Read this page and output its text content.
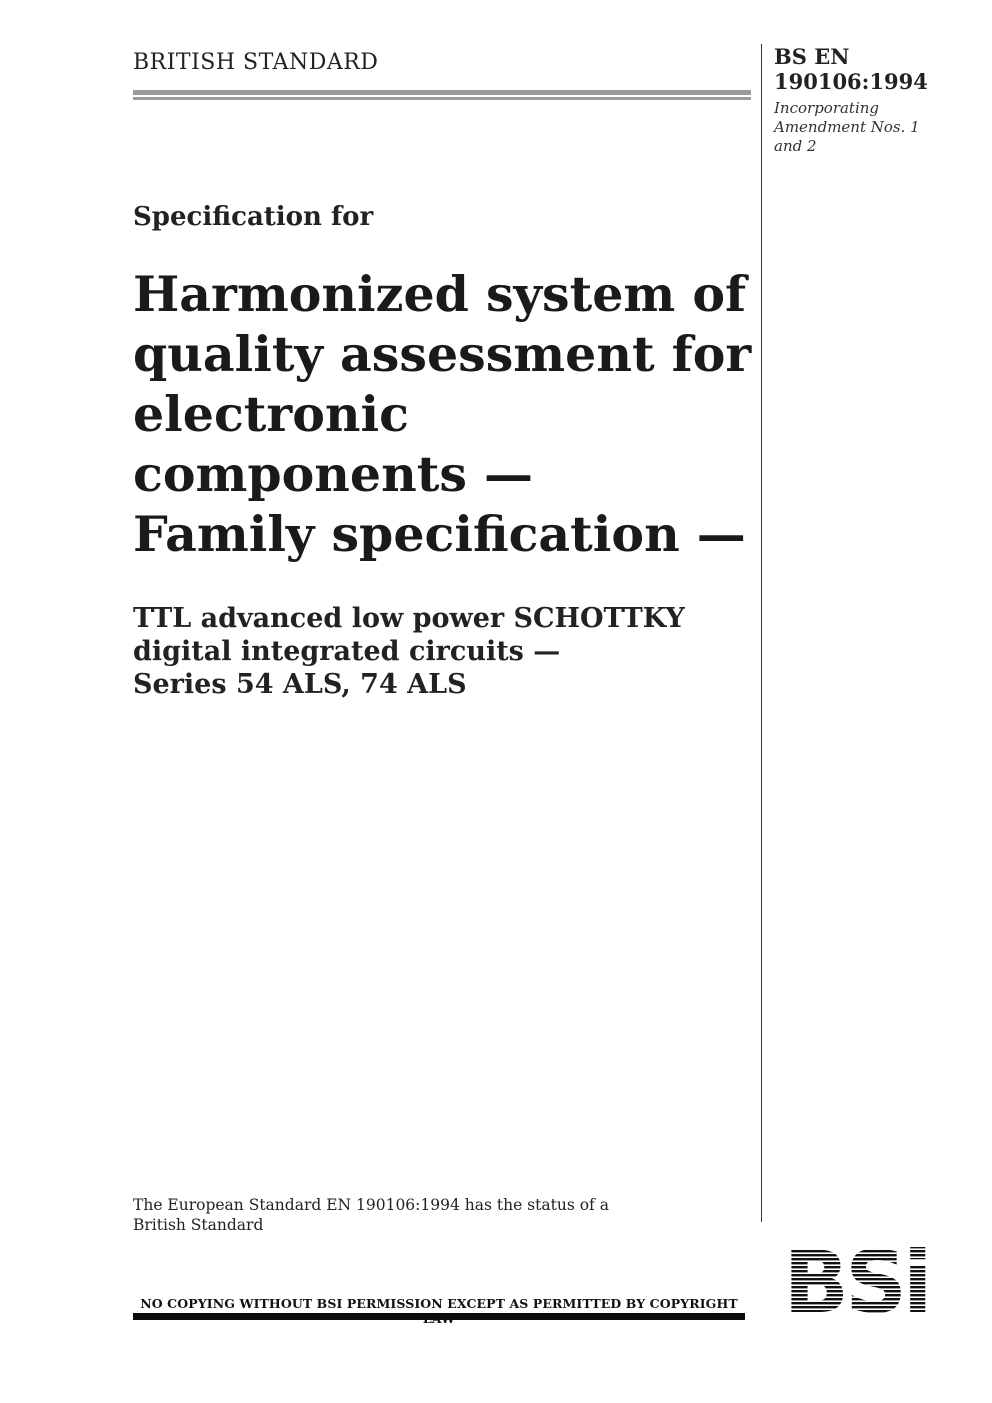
BRITISH STANDARD	BS EN
190106:1994
Incorporating
Amendment Nos. 1
and 2
Specification for
Harmonized system of
quality assessment for
electronic
components —
Family specification —
TTL advanced low power SCHOTTKY
digital integrated circuits —
Series 54 ALS, 74 ALS
The European Standard EN 190106:1994 has the status of a
British Standard
NO COPYING WITHOUT BSI PERMISSION EXCEPT AS PERMITTED BY COPYRIGHT BSi
